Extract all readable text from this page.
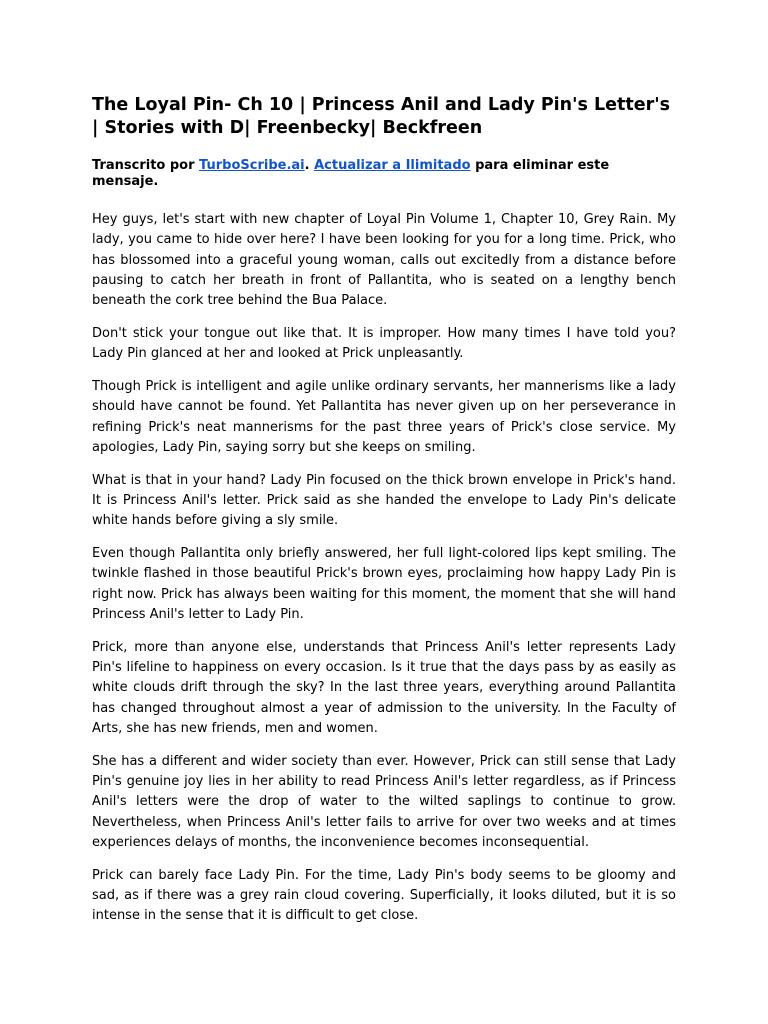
The Loyal Pin- Ch 10 | Princess Anil and Lady Pin's Letter's | Stories with D| Freenbecky| Beckfreen

Transcrito por TurboScribe.ai. Actualizar a Ilimitado para eliminar este mensaje.

Hey guys, let's start with new chapter of Loyal Pin Volume 1, Chapter 10, Grey Rain. My lady, you came to hide over here? I have been looking for you for a long time. Prick, who has blossomed into a graceful young woman, calls out excitedly from a distance before pausing to catch her breath in front of Pallantita, who is seated on a lengthy bench beneath the cork tree behind the Bua Palace.

Don't stick your tongue out like that. It is improper. How many times I have told you? Lady Pin glanced at her and looked at Prick unpleasantly.

Though Prick is intelligent and agile unlike ordinary servants, her mannerisms like a lady should have cannot be found. Yet Pallantita has never given up on her perseverance in refining Prick's neat mannerisms for the past three years of Prick's close service. My apologies, Lady Pin, saying sorry but she keeps on smiling.

What is that in your hand? Lady Pin focused on the thick brown envelope in Prick's hand. It is Princess Anil's letter. Prick said as she handed the envelope to Lady Pin's delicate white hands before giving a sly smile.

Even though Pallantita only briefly answered, her full light-colored lips kept smiling. The twinkle flashed in those beautiful Prick's brown eyes, proclaiming how happy Lady Pin is right now. Prick has always been waiting for this moment, the moment that she will hand Princess Anil's letter to Lady Pin.

Prick, more than anyone else, understands that Princess Anil's letter represents Lady Pin's lifeline to happiness on every occasion. Is it true that the days pass by as easily as white clouds drift through the sky? In the last three years, everything around Pallantita has changed throughout almost a year of admission to the university. In the Faculty of Arts, she has new friends, men and women.

She has a different and wider society than ever. However, Prick can still sense that Lady Pin's genuine joy lies in her ability to read Princess Anil's letter regardless, as if Princess Anil's letters were the drop of water to the wilted saplings to continue to grow. Nevertheless, when Princess Anil's letter fails to arrive for over two weeks and at times experiences delays of months, the inconvenience becomes inconsequential.

Prick can barely face Lady Pin. For the time, Lady Pin's body seems to be gloomy and sad, as if there was a grey rain cloud covering. Superficially, it looks diluted, but it is so intense in the sense that it is difficult to get close.
